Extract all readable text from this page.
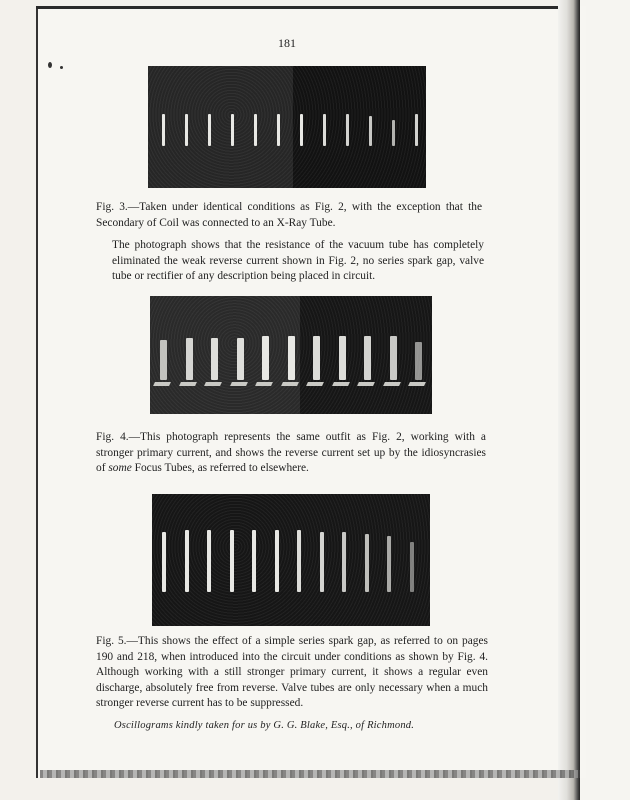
181
Fig. 3.—Taken under identical conditions as Fig. 2, with the exception that the Secondary of Coil was connected to an X-Ray Tube.
The photograph shows that the resistance of the vacuum tube has completely eliminated the weak reverse current shown in Fig. 2, no series spark gap, valve tube or rectifier of any description being placed in circuit.
Fig. 4.—This photograph represents the same outfit as Fig. 2, working with a stronger primary current, and shows the reverse current set up by the idiosyncrasies of some Focus Tubes, as referred to elsewhere.
Fig. 5.—This shows the effect of a simple series spark gap, as referred to on pages 190 and 218, when introduced into the circuit under conditions as shown by Fig. 4. Although working with a still stronger primary current, it shows a regular even discharge, absolutely free from reverse. Valve tubes are only necessary when a much stronger reverse current has to be suppressed.
Oscillograms kindly taken for us by G. G. Blake, Esq., of Richmond.
